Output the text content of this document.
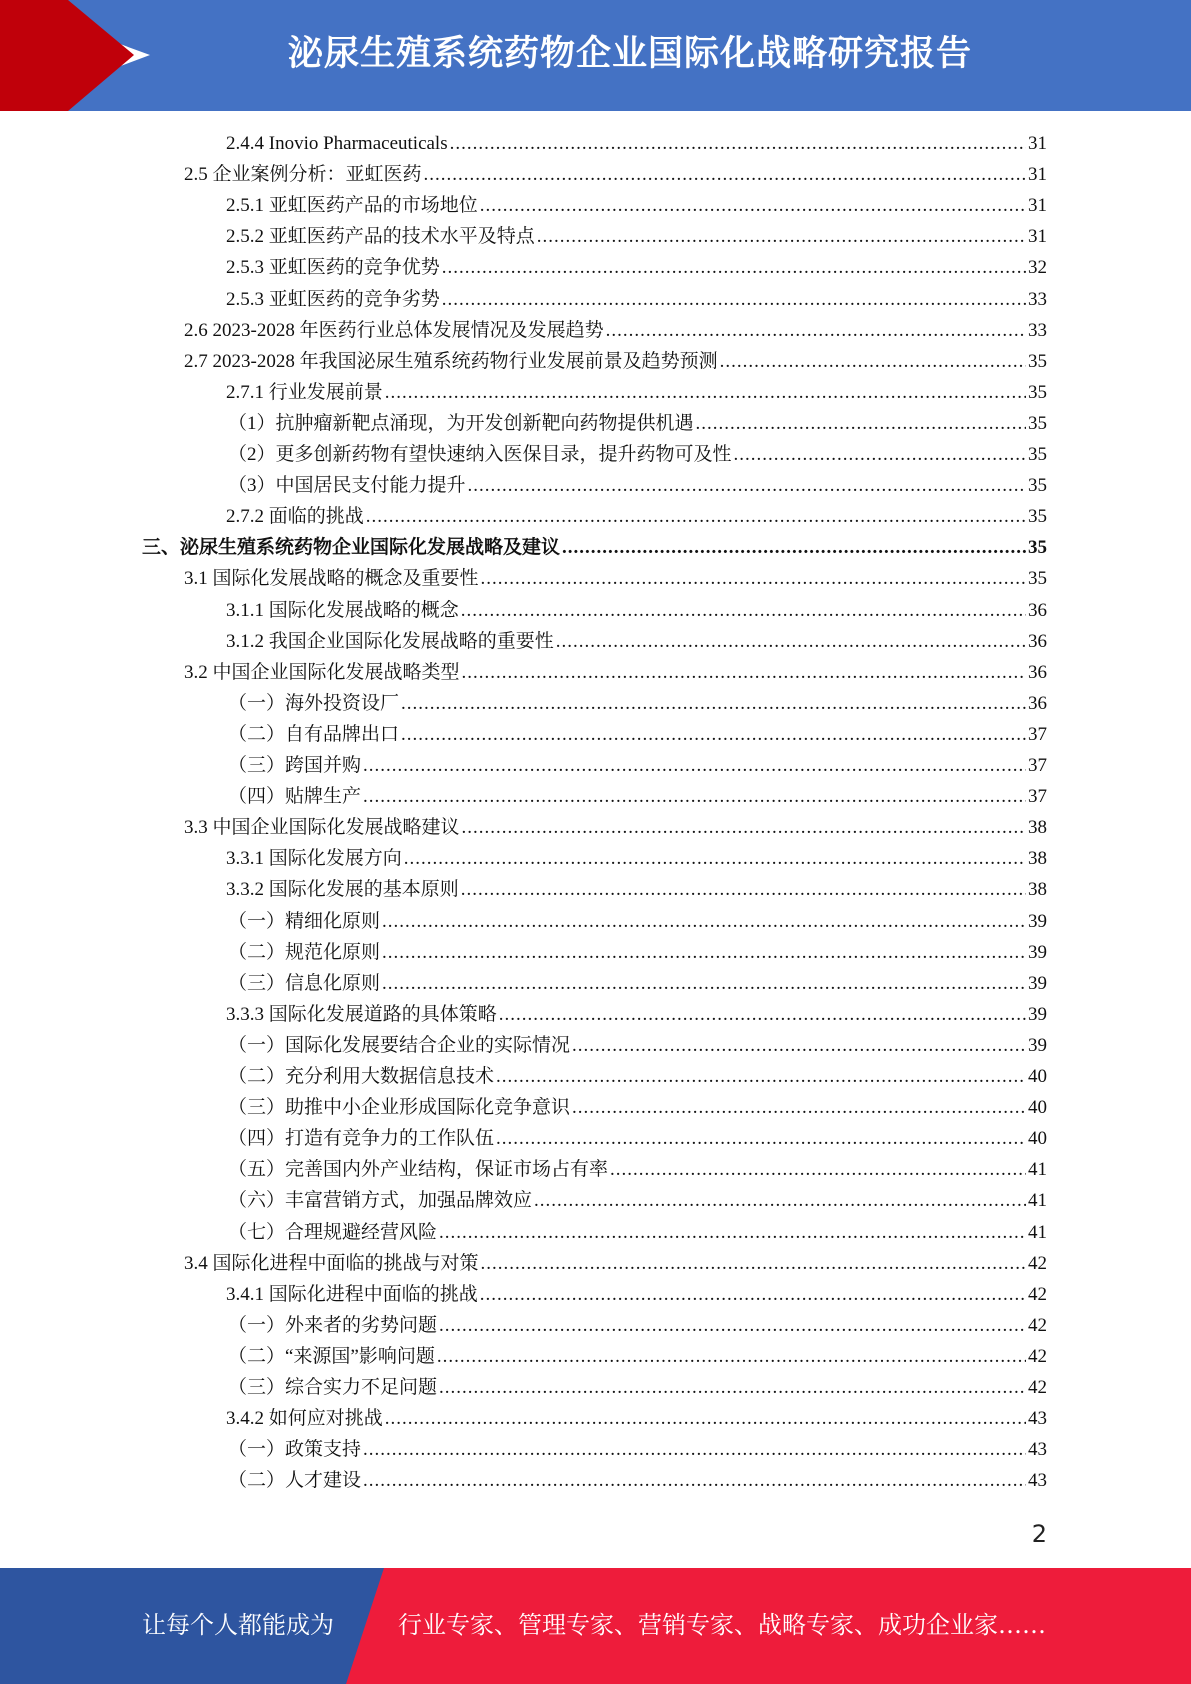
泌尿生殖系统药物企业国际化战略研究报告
2.4.4 Inovio Pharmaceuticals .....	31
2.5 企业案例分析：亚虹医药 .....	31
2.5.1 亚虹医药产品的市场地位 .....	31
2.5.2 亚虹医药产品的技术水平及特点 .....	31
2.5.3 亚虹医药的竞争优势 .....	32
2.5.3 亚虹医药的竞争劣势 .....	33
2.6 2023-2028 年医药行业总体发展情况及发展趋势 .....	33
2.7 2023-2028 年我国泌尿生殖系统药物行业发展前景及趋势预测 .....	35
2.7.1 行业发展前景 .....	35
（1）抗肿瘤新靶点涌现，为开发创新靶向药物提供机遇 .....	35
（2）更多创新药物有望快速纳入医保目录，提升药物可及性 .....	35
（3）中国居民支付能力提升 .....	35
2.7.2 面临的挑战 .....	35
三、泌尿生殖系统药物企业国际化发展战略及建议 .....	35
3.1 国际化发展战略的概念及重要性 .....	35
3.1.1 国际化发展战略的概念 .....	36
3.1.2 我国企业国际化发展战略的重要性 .....	36
3.2 中国企业国际化发展战略类型 .....	36
（一）海外投资设厂 .....	36
（二）自有品牌出口 .....	37
（三）跨国并购 .....	37
（四）贴牌生产 .....	37
3.3 中国企业国际化发展战略建议 .....	38
3.3.1 国际化发展方向 .....	38
3.3.2 国际化发展的基本原则 .....	38
（一）精细化原则 .....	39
（二）规范化原则 .....	39
（三）信息化原则 .....	39
3.3.3 国际化发展道路的具体策略 .....	39
（一）国际化发展要结合企业的实际情况 .....	39
（二）充分利用大数据信息技术 .....	40
（三）助推中小企业形成国际化竞争意识 .....	40
（四）打造有竞争力的工作队伍 .....	40
（五）完善国内外产业结构，保证市场占有率 .....	41
（六）丰富营销方式，加强品牌效应 .....	41
（七）合理规避经营风险 .....	41
3.4 国际化进程中面临的挑战与对策 .....	42
3.4.1 国际化进程中面临的挑战 .....	42
（一）外来者的劣势问题 .....	42
（二）“来源国”影响问题 .....	42
（三）综合实力不足问题 .....	42
3.4.2 如何应对挑战 .....	43
（一）政策支持 .....	43
（二）人才建设 .....	43
2
让每个人都能成为	行业专家、管理专家、营销专家、战略专家、成功企业家……
